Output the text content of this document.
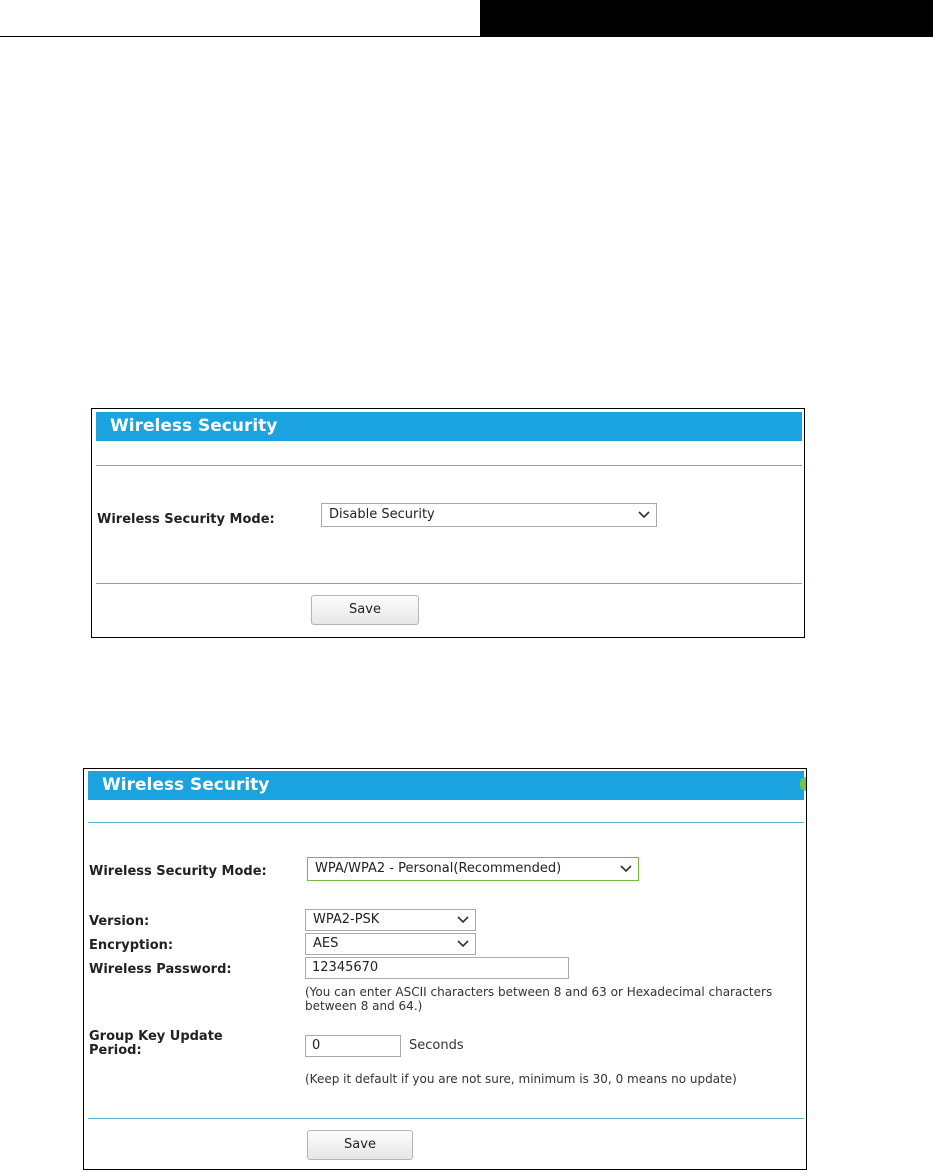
Wireless Security
Wireless Security Mode:	Disable Security
Save
Wireless Security
Wireless Security Mode:	WPA/WPA2 - Personal(Recommended)
Version:	WPA2-PSK
Encryption:	AES
Wireless Password:	12345670
(You can enter ASCII characters between 8 and 63 or Hexadecimal characters
between 8 and 64.)
Group Key Update
Period:	0	Seconds
(Keep it default if you are not sure, minimum is 30, 0 means no update)
Save
